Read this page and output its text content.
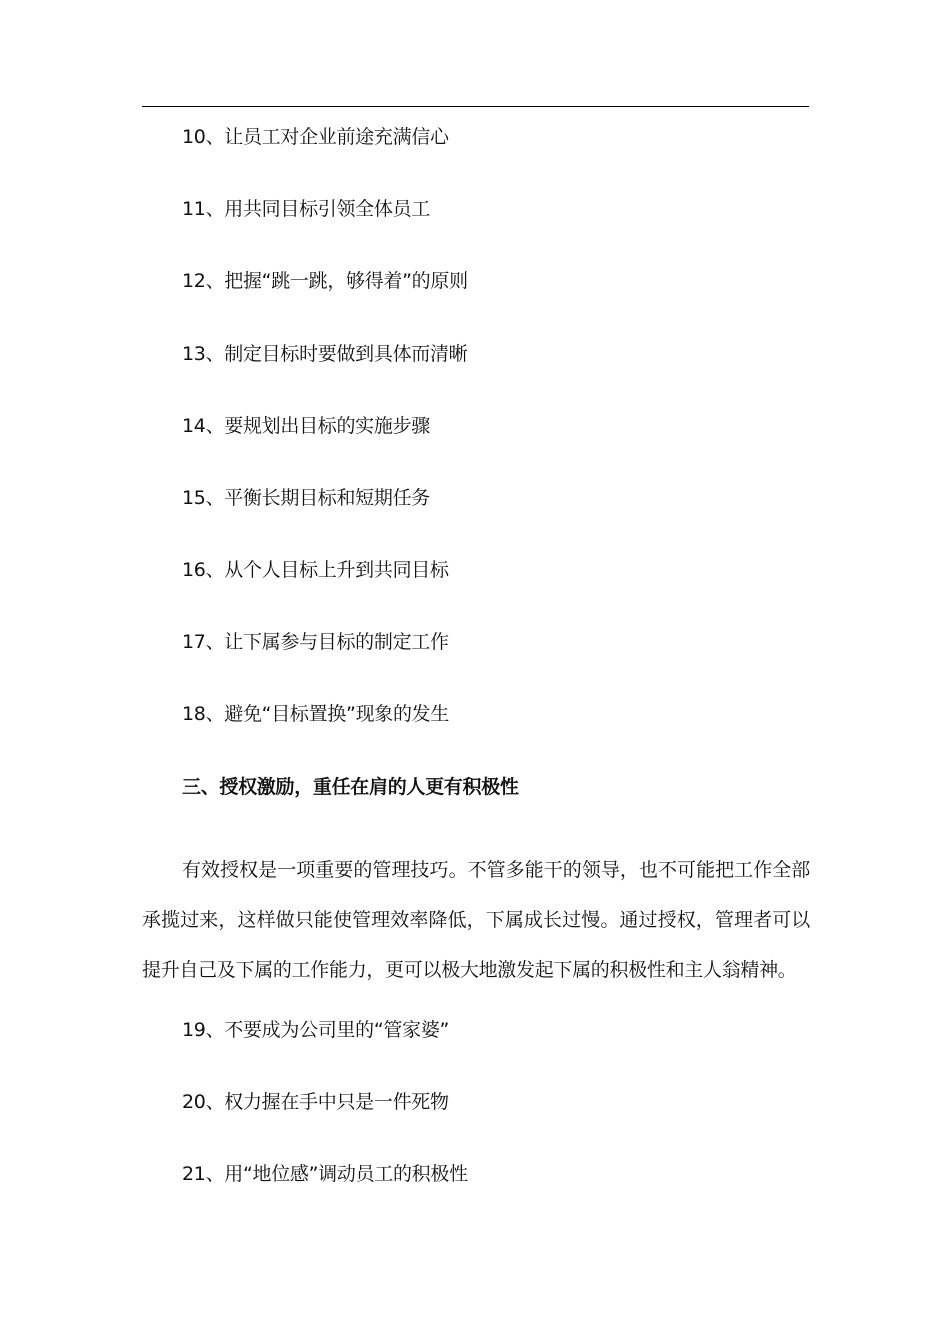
10、让员工对企业前途充满信心
11、用共同目标引领全体员工
12、把握“跳一跳，够得着”的原则
13、制定目标时要做到具体而清晰
14、要规划出目标的实施步骤
15、平衡长期目标和短期任务
16、从个人目标上升到共同目标
17、让下属参与目标的制定工作
18、避免“目标置换”现象的发生
三、授权激励，重任在肩的人更有积极性

有效授权是一项重要的管理技巧。不管多能干的领导，也不可能把工作全部承揽过来，这样做只能使管理效率降低，下属成长过慢。通过授权，管理者可以提升自己及下属的工作能力，更可以极大地激发起下属的积极性和主人翁精神。

19、不要成为公司里的“管家婆”
20、权力握在手中只是一件死物
21、用“地位感”调动员工的积极性
